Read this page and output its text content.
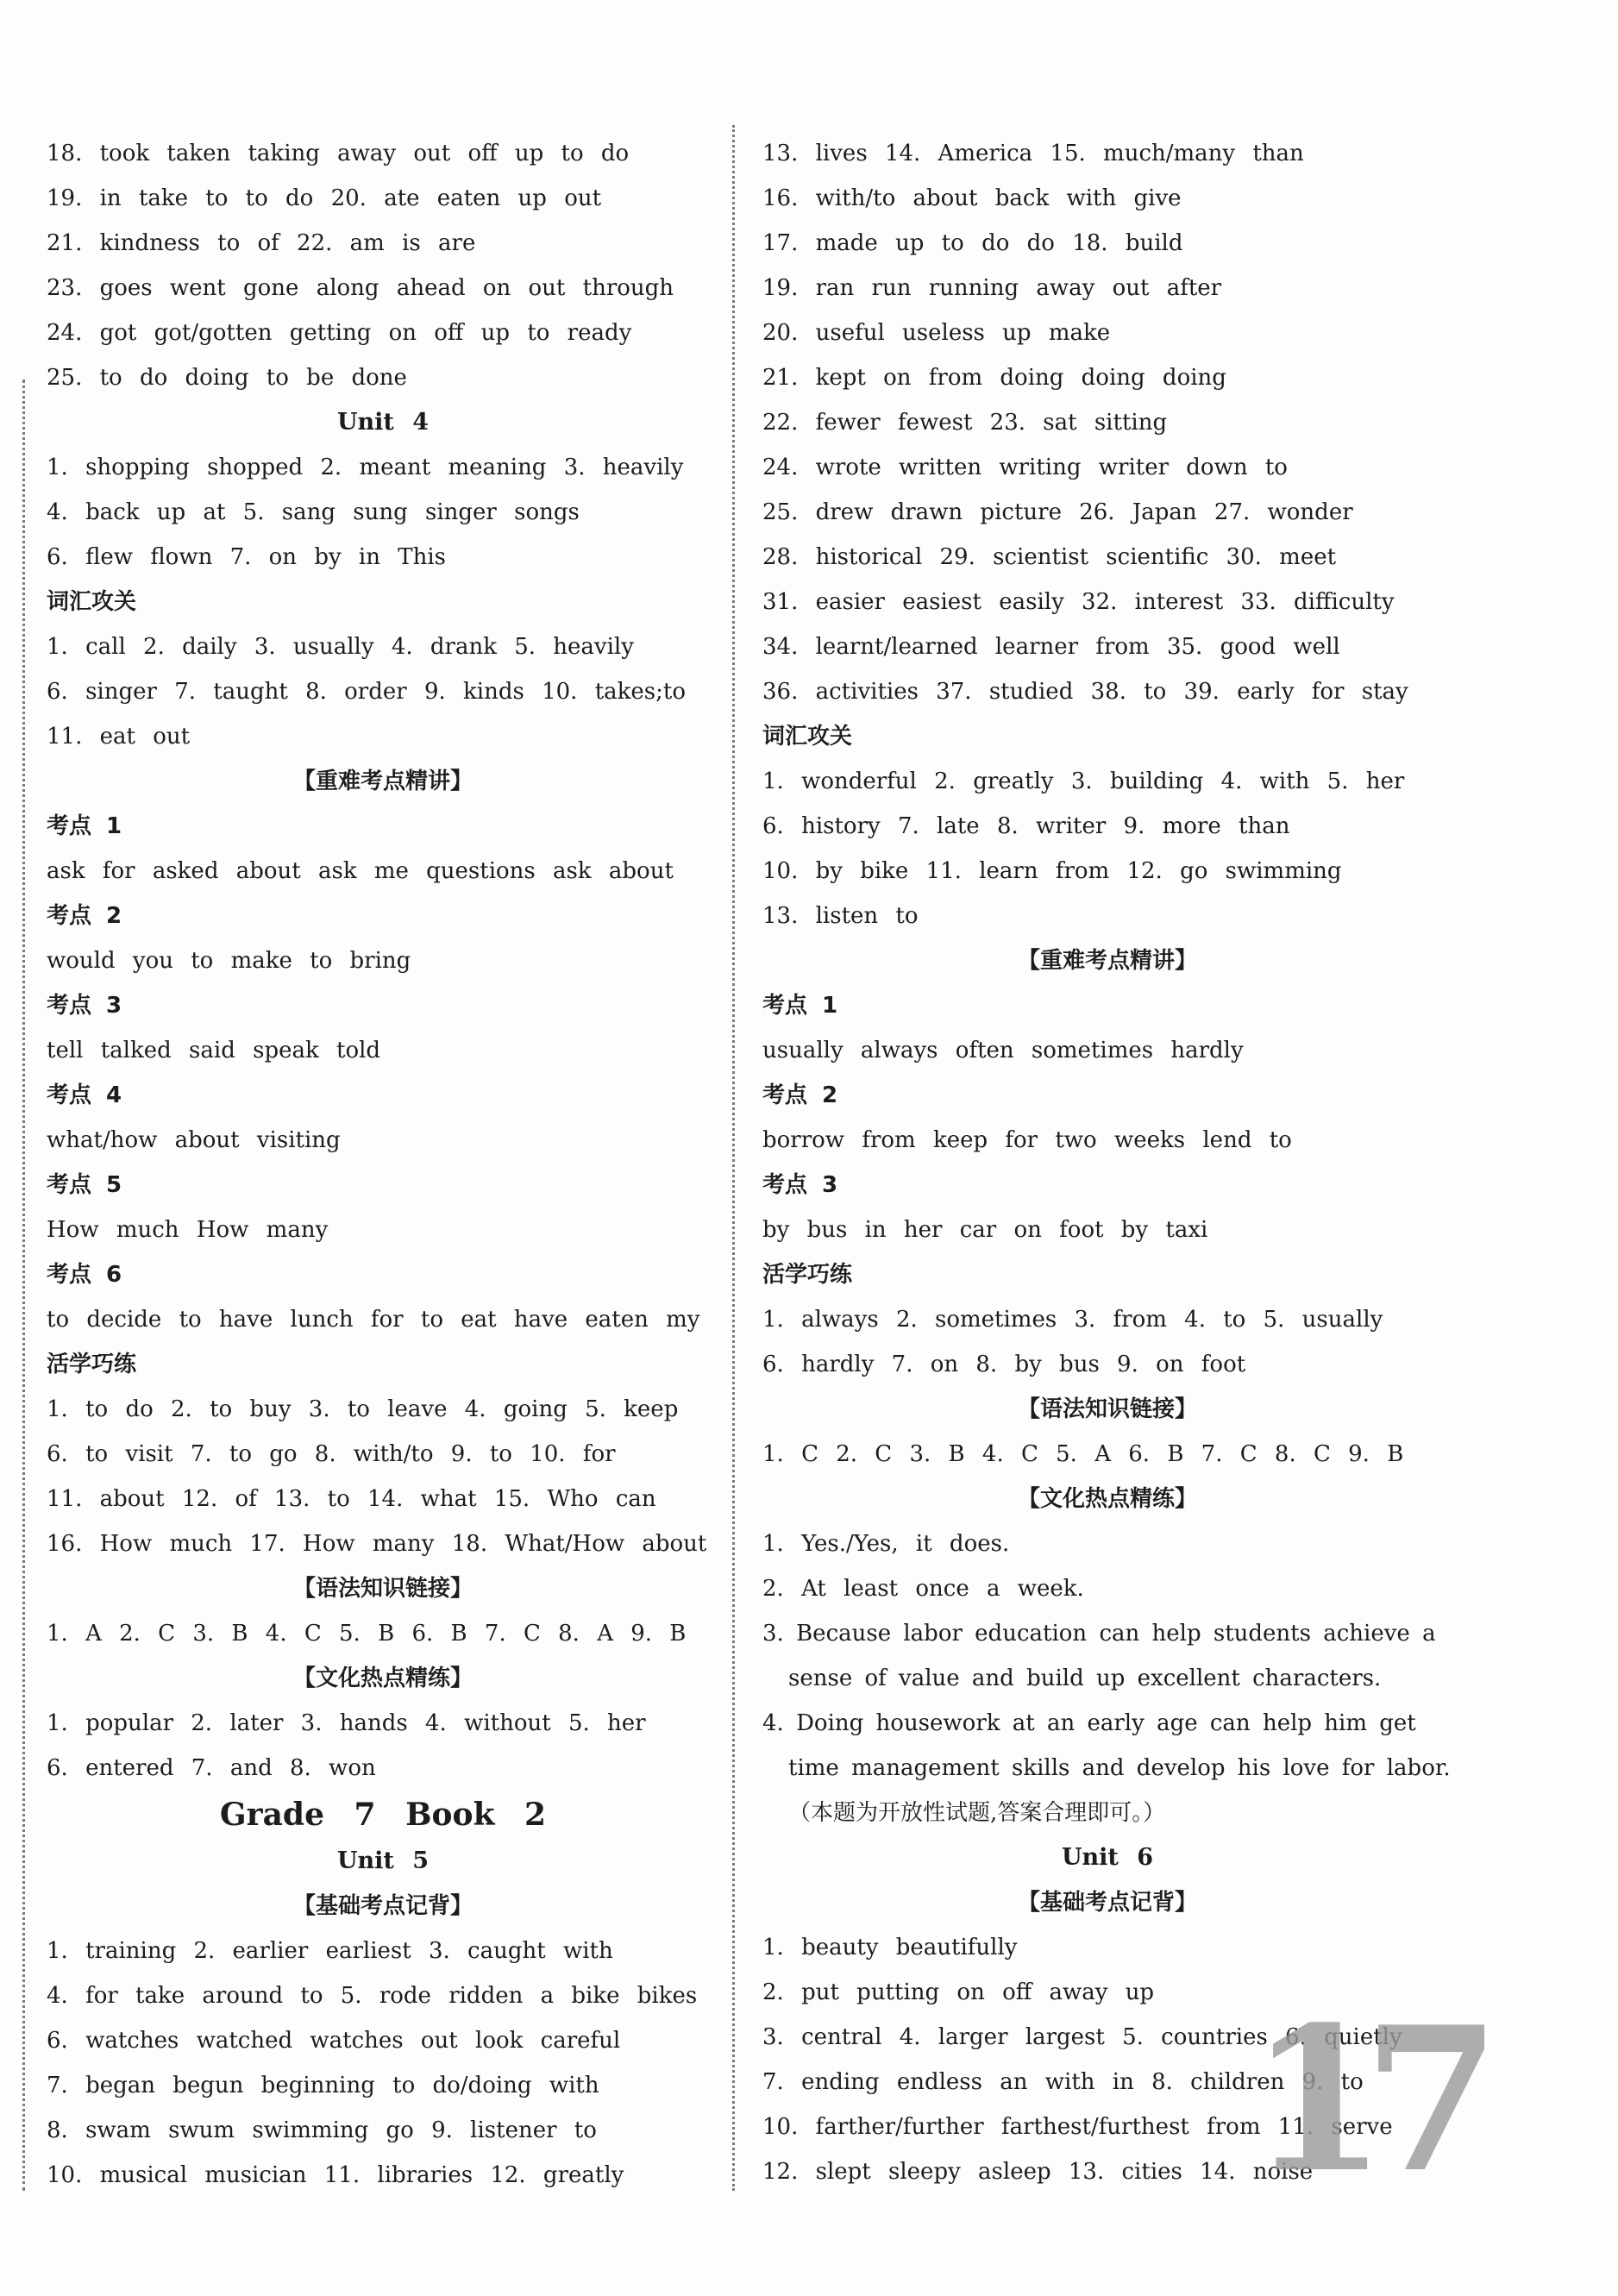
18. took taken taking away out off up to do
19. in take to to do 20. ate eaten up out
21. kindness to of 22. am is are
23. goes went gone along ahead on out through
24. got got/gotten getting on off up to ready
25. to do doing to be done
Unit 4
1. shopping shopped 2. meant meaning 3. heavily
4. back up at 5. sang sung singer songs
6. flew flown 7. on by in This
词汇攻关
1. call 2. daily 3. usually 4. drank 5. heavily
6. singer 7. taught 8. order 9. kinds 10. takes;to
11. eat out
【重难考点精讲】
考点 1
ask for asked about ask me questions ask about
考点 2
would you to make to bring
考点 3
tell talked said speak told
考点 4
what/how about visiting
考点 5
How much How many
考点 6
to decide to have lunch for to eat have eaten my
活学巧练
1. to do 2. to buy 3. to leave 4. going 5. keep
6. to visit 7. to go 8. with/to 9. to 10. for
11. about 12. of 13. to 14. what 15. Who can
16. How much 17. How many 18. What/How about
【语法知识链接】
1. A 2. C 3. B 4. C 5. B 6. B 7. C 8. A 9. B
【文化热点精练】
1. popular 2. later 3. hands 4. without 5. her
6. entered 7. and 8. won
Grade 7 Book 2
Unit 5
【基础考点记背】
1. training 2. earlier earliest 3. caught with
4. for take around to 5. rode ridden a bike bikes
6. watches watched watches out look careful
7. began begun beginning to do/doing with
8. swam swum swimming go 9. listener to
10. musical musician 11. libraries 12. greatly
13. lives 14. America 15. much/many than
16. with/to about back with give
17. made up to do do 18. build
19. ran run running away out after
20. useful useless up make
21. kept on from doing doing doing
22. fewer fewest 23. sat sitting
24. wrote written writing writer down to
25. drew drawn picture 26. Japan 27. wonder
28. historical 29. scientist scientific 30. meet
31. easier easiest easily 32. interest 33. difficulty
34. learnt/learned learner from 35. good well
36. activities 37. studied 38. to 39. early for stay
词汇攻关
1. wonderful 2. greatly 3. building 4. with 5. her
6. history 7. late 8. writer 9. more than
10. by bike 11. learn from 12. go swimming
13. listen to
【重难考点精讲】
考点 1
usually always often sometimes hardly
考点 2
borrow from keep for two weeks lend to
考点 3
by bus in her car on foot by taxi
活学巧练
1. always 2. sometimes 3. from 4. to 5. usually
6. hardly 7. on 8. by bus 9. on foot
【语法知识链接】
1. C 2. C 3. B 4. C 5. A 6. B 7. C 8. C 9. B
【文化热点精练】
1. Yes./Yes, it does.
2. At least once a week.
3. Because labor education can help students achieve a sense of value and build up excellent characters.
4. Doing housework at an early age can help him get time management skills and develop his love for labor.（本题为开放性试题,答案合理即可。）
Unit 6
【基础考点记背】
1. beauty beautifully
2. put putting on off away up
3. central 4. larger largest 5. countries 6. quietly
7. ending endless an with in 8. children 9. to
10. farther/further farthest/furthest from 11. serve
12. slept sleepy asleep 13. cities 14. noise
17
